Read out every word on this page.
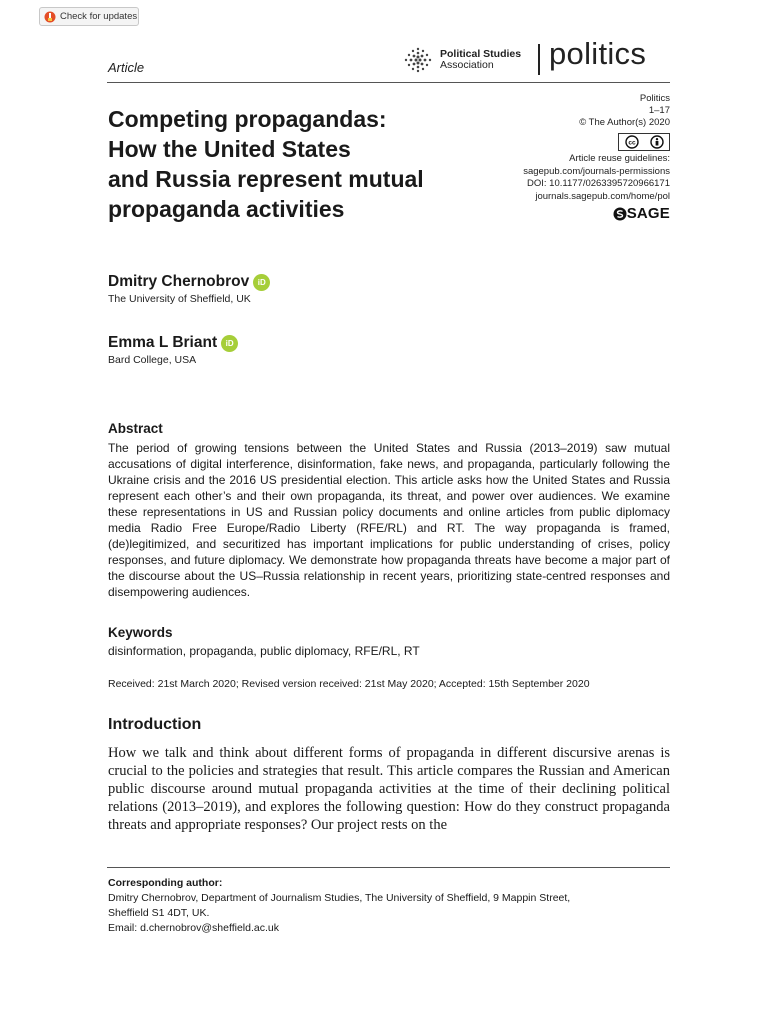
Check for updates
Article
Political Studies
Association	politics
Competing propagandas:
How the United States
and Russia represent mutual
propaganda activities
Politics
1–17
© The Author(s) 2020
cc
Article reuse guidelines:
sagepub.com/journals-permissions
DOI: 10.1177/0263395720966171
journals.sagepub.com/home/pol
SAGE
Dmitry Chernobrov	iD
The University of Sheffield, UK
Emma L Briant	iD
Bard College, USA
Abstract
The period of growing tensions between the United States and Russia (2013–2019) saw mutual accusations of digital interference, disinformation, fake news, and propaganda, particularly following the Ukraine crisis and the 2016 US presidential election. This article asks how the United States and Russia represent each other’s and their own propaganda, its threat, and power over audiences. We examine these representations in US and Russian policy documents and online articles from public diplomacy media Radio Free Europe/Radio Liberty (RFE/RL) and RT. The way propaganda is framed, (de)legitimized, and securitized has important implications for public understanding of crises, policy responses, and future diplomacy. We demonstrate how propaganda threats have become a major part of the discourse about the US–Russia relationship in recent years, prioritizing state-centred responses and disempowering audiences.
Keywords
disinformation, propaganda, public diplomacy, RFE/RL, RT
Received: 21st March 2020; Revised version received: 21st May 2020; Accepted: 15th September 2020
Introduction
How we talk and think about different forms of propaganda in different discursive arenas is crucial to the policies and strategies that result. This article compares the Russian and American public discourse around mutual propaganda activities at the time of their declining political relations (2013–2019), and explores the following question: How do they construct propaganda threats and appropriate responses? Our project rests on the
Corresponding author:
Dmitry Chernobrov, Department of Journalism Studies, The University of Sheffield, 9 Mappin Street,
Sheffield S1 4DT, UK.
Email: d.chernobrov@sheffield.ac.uk
